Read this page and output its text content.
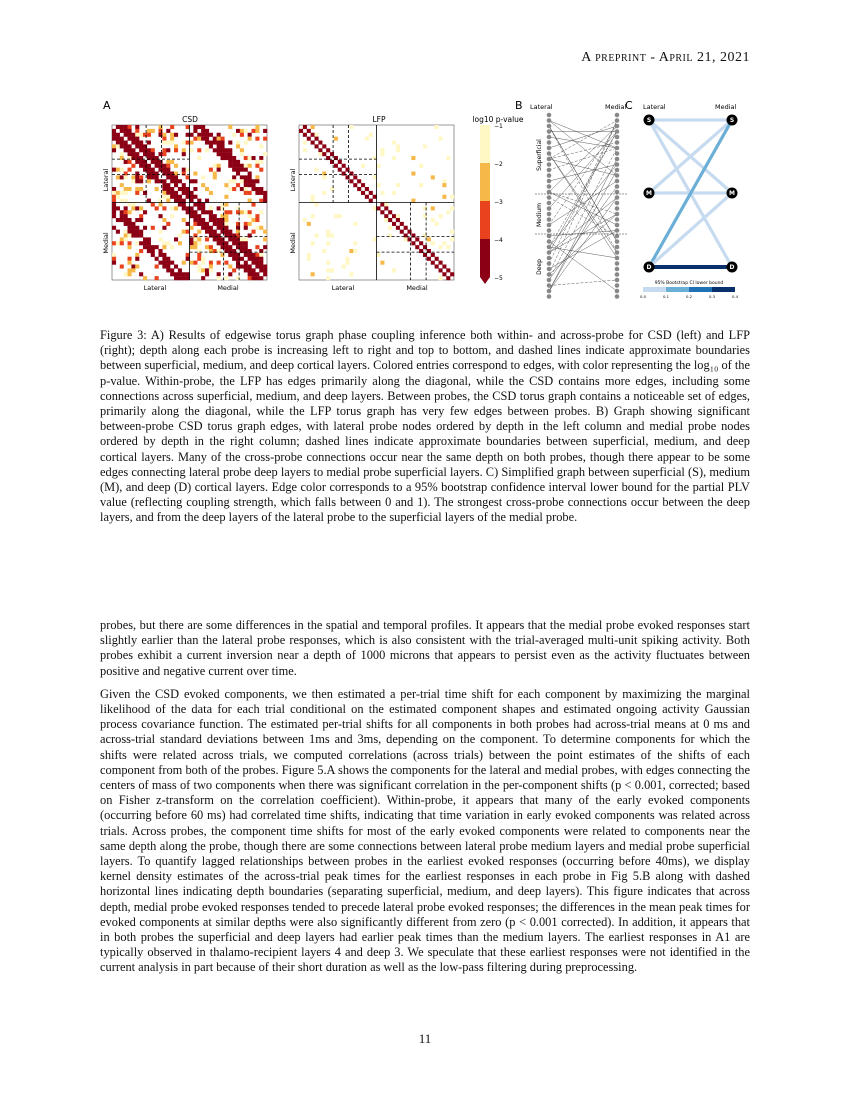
A preprint - April 21, 2021
A
CSD	LFP	log10 p-value
Lateral
Medial
Lateral	Medial
Lateral
Medial
Lateral	Medial
−1
−2
−3
−4
−5
B Lateral	Medial
Superficial
Medium
Deep
C Lateral	Medial
S	S
M	M
D	D
95% Bootstrap CI lower bound
0.0	0.1	0.2	0.3	0.4
Figure 3: A) Results of edgewise torus graph phase coupling inference both within- and across-probe for CSD (left) and LFP (right); depth along each probe is increasing left to right and top to bottom, and dashed lines indicate approximate boundaries between superficial, medium, and deep cortical layers. Colored entries correspond to edges, with color representing the log₁₀ of the p-value. Within-probe, the LFP has edges primarily along the diagonal, while the CSD contains more edges, including some connections across superficial, medium, and deep layers. Between probes, the CSD torus graph contains a noticeable set of edges, primarily along the diagonal, while the LFP torus graph has very few edges between probes. B) Graph showing significant between-probe CSD torus graph edges, with lateral probe nodes ordered by depth in the left column and medial probe nodes ordered by depth in the right column; dashed lines indicate approximate boundaries between superficial, medium, and deep cortical layers. Many of the cross-probe connections occur near the same depth on both probes, though there appear to be some edges connecting lateral probe deep layers to medial probe superficial layers. C) Simplified graph between superficial (S), medium (M), and deep (D) cortical layers. Edge color corresponds to a 95% bootstrap confidence interval lower bound for the partial PLV value (reflecting coupling strength, which falls between 0 and 1). The strongest cross-probe connections occur between the deep layers, and from the deep layers of the lateral probe to the superficial layers of the medial probe.

probes, but there are some differences in the spatial and temporal profiles. It appears that the medial probe evoked responses start slightly earlier than the lateral probe responses, which is also consistent with the trial-averaged multi-unit spiking activity. Both probes exhibit a current inversion near a depth of 1000 microns that appears to persist even as the activity fluctuates between positive and negative current over time.

Given the CSD evoked components, we then estimated a per-trial time shift for each component by maximizing the marginal likelihood of the data for each trial conditional on the estimated component shapes and estimated ongoing activity Gaussian process covariance function. The estimated per-trial shifts for all components in both probes had across-trial means at 0 ms and across-trial standard deviations between 1ms and 3ms, depending on the component. To determine components for which the shifts were related across trials, we computed correlations (across trials) between the point estimates of the shifts of each component from both of the probes. Figure 5.A shows the components for the lateral and medial probes, with edges connecting the centers of mass of two components when there was significant correlation in the per-component shifts (p < 0.001, corrected; based on Fisher z-transform on the correlation coefficient). Within-probe, it appears that many of the early evoked components (occurring before 60 ms) had correlated time shifts, indicating that time variation in early evoked components was related across trials. Across probes, the component time shifts for most of the early evoked components were related to components near the same depth along the probe, though there are some connections between lateral probe medium layers and medial probe superficial layers. To quantify lagged relationships between probes in the earliest evoked responses (occurring before 40ms), we display kernel density estimates of the across-trial peak times for the earliest responses in each probe in Fig 5.B along with dashed horizontal lines indicating depth boundaries (separating superficial, medium, and deep layers). This figure indicates that across depth, medial probe evoked responses tended to precede lateral probe evoked responses; the differences in the mean peak times for evoked components at similar depths were also significantly different from zero (p < 0.001 corrected). In addition, it appears that in both probes the superficial and deep layers had earlier peak times than the medium layers. The earliest responses in A1 are typically observed in thalamo-recipient layers 4 and deep 3. We speculate that these earliest responses were not identified in the current analysis in part because of their short duration as well as the low-pass filtering during preprocessing.

11
